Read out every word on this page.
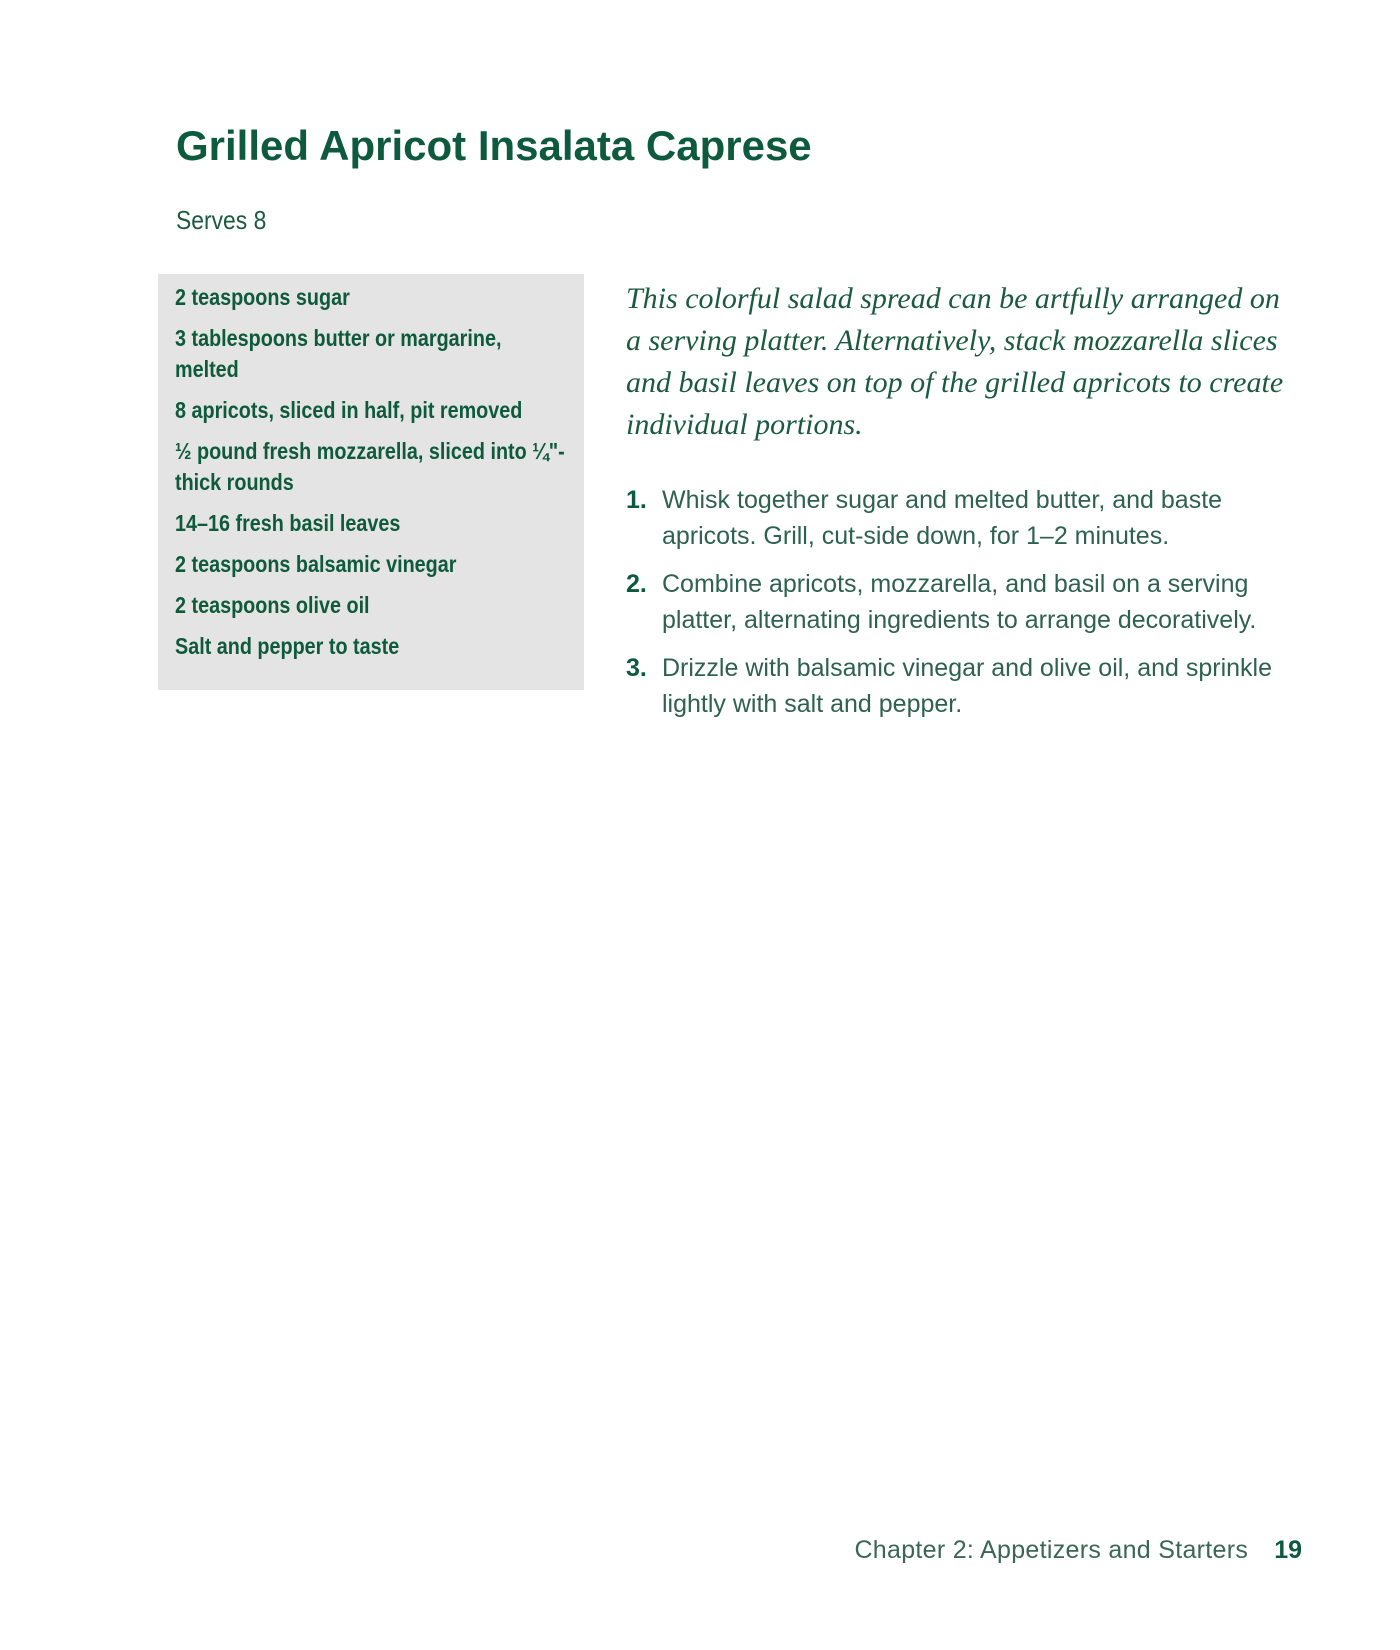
Grilled Apricot Insalata Caprese
Serves 8
2 teaspoons sugar
3 tablespoons butter or margarine, melted
8 apricots, sliced in half, pit removed
½ pound fresh mozzarella, sliced into ¼"-thick rounds
14–16 fresh basil leaves
2 teaspoons balsamic vinegar
2 teaspoons olive oil
Salt and pepper to taste

This colorful salad spread can be artfully arranged on a serving platter. Alternatively, stack mozzarella slices and basil leaves on top of the grilled apricots to create individual portions.

1. Whisk together sugar and melted butter, and baste apricots. Grill, cut-side down, for 1–2 minutes.
2. Combine apricots, mozzarella, and basil on a serving platter, alternating ingredients to arrange decoratively.
3. Drizzle with balsamic vinegar and olive oil, and sprinkle lightly with salt and pepper.
Chapter 2: Appetizers and Starters 19
